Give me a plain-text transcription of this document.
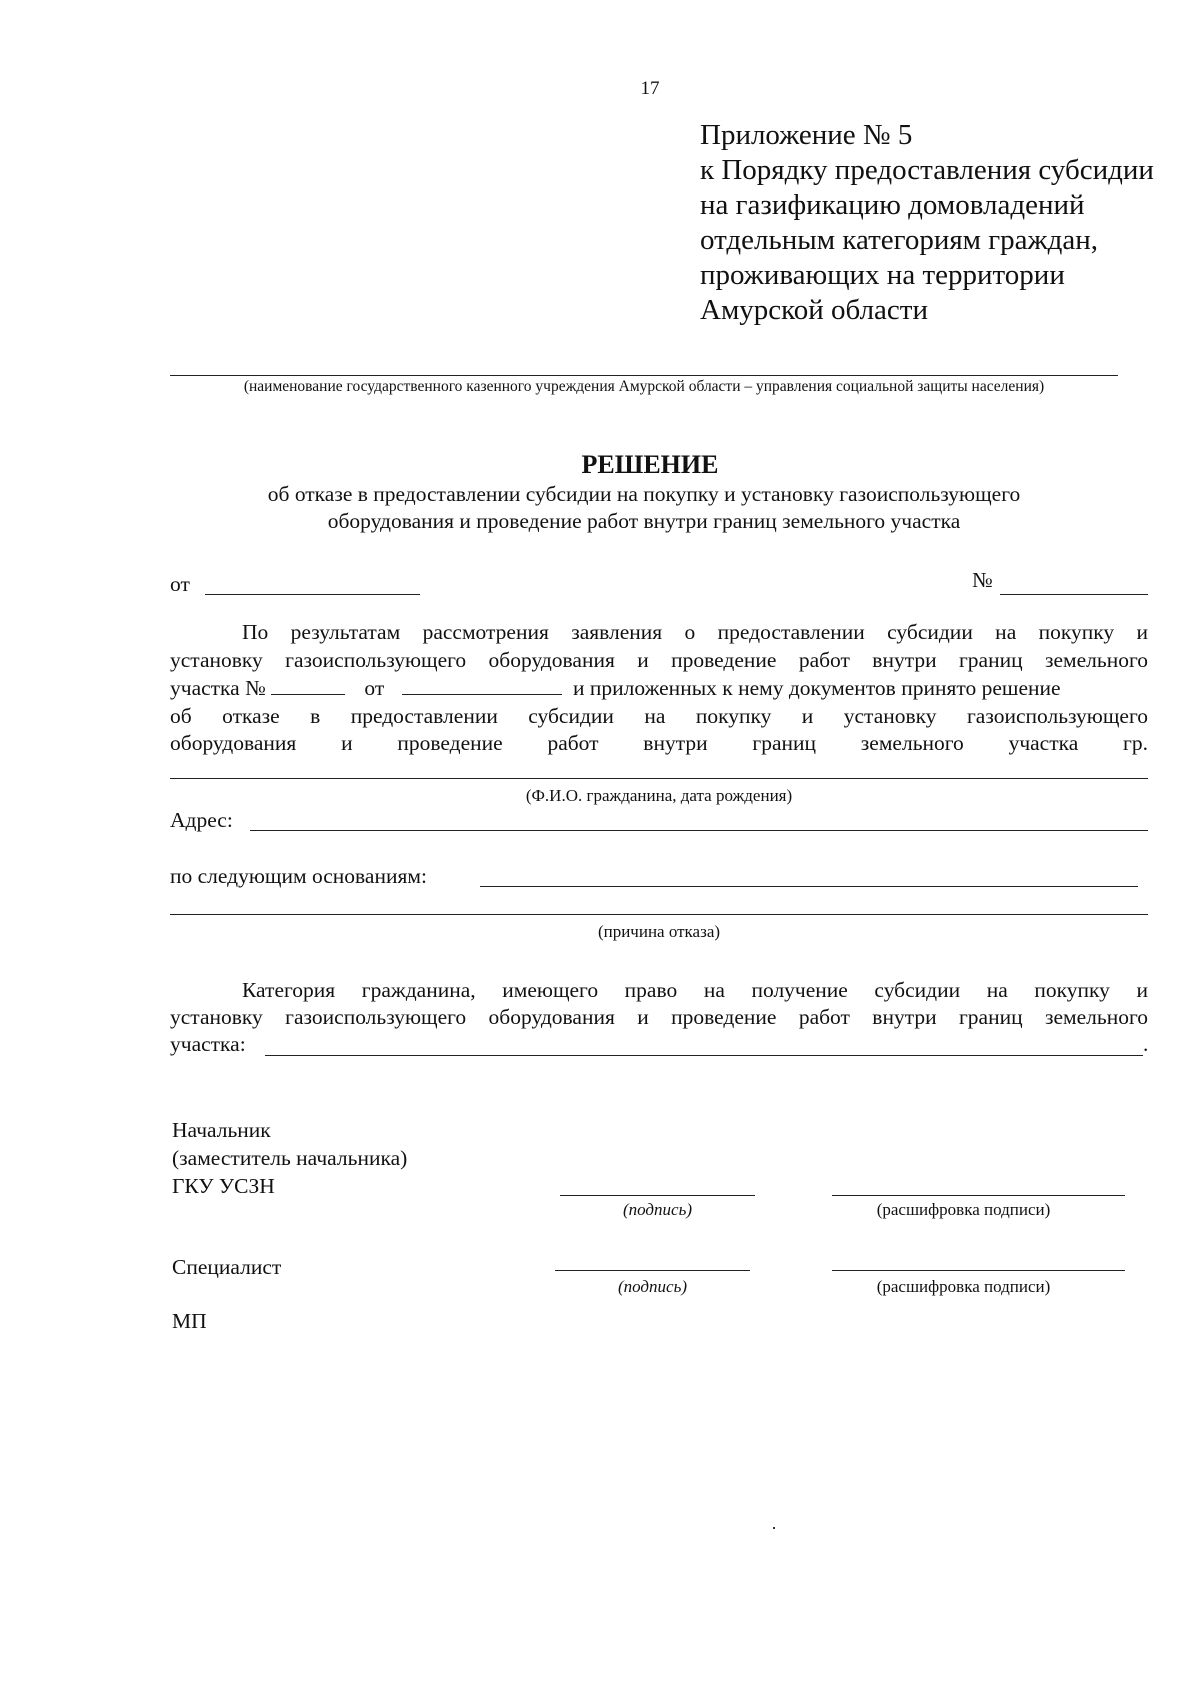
17
Приложение № 5
к Порядку предоставления субсидии
на газификацию домовладений
отдельным категориям граждан,
проживающих на территории
Амурской области
(наименование государственного казенного учреждения Амурской области – управления социальной защиты населения)
РЕШЕНИЕ
об отказе в предоставлении субсидии на покупку и установку газоиспользующего
оборудования и проведение работ внутри границ земельного участка
от	№
По результатам рассмотрения заявления о предоставлении субсидии на покупку и
установку газоиспользующего оборудования и проведение работ внутри границ земельного
участка №	от	и приложенных к нему документов принято решение
об отказе в предоставлении субсидии на покупку и установку газоиспользующего
оборудования и проведение работ внутри границ земельного участка гр.
(Ф.И.О. гражданина, дата рождения)
Адрес:
по следующим основаниям:
(причина отказа)
Категория гражданина, имеющего право на получение субсидии на покупку и
установку газоиспользующего оборудования и проведение работ внутри границ земельного
участка:	.
Начальник
(заместитель начальника)
ГКУ УСЗН
(подпись)	(расшифровка подписи)
Специалист
(подпись)	(расшифровка подписи)
МП
